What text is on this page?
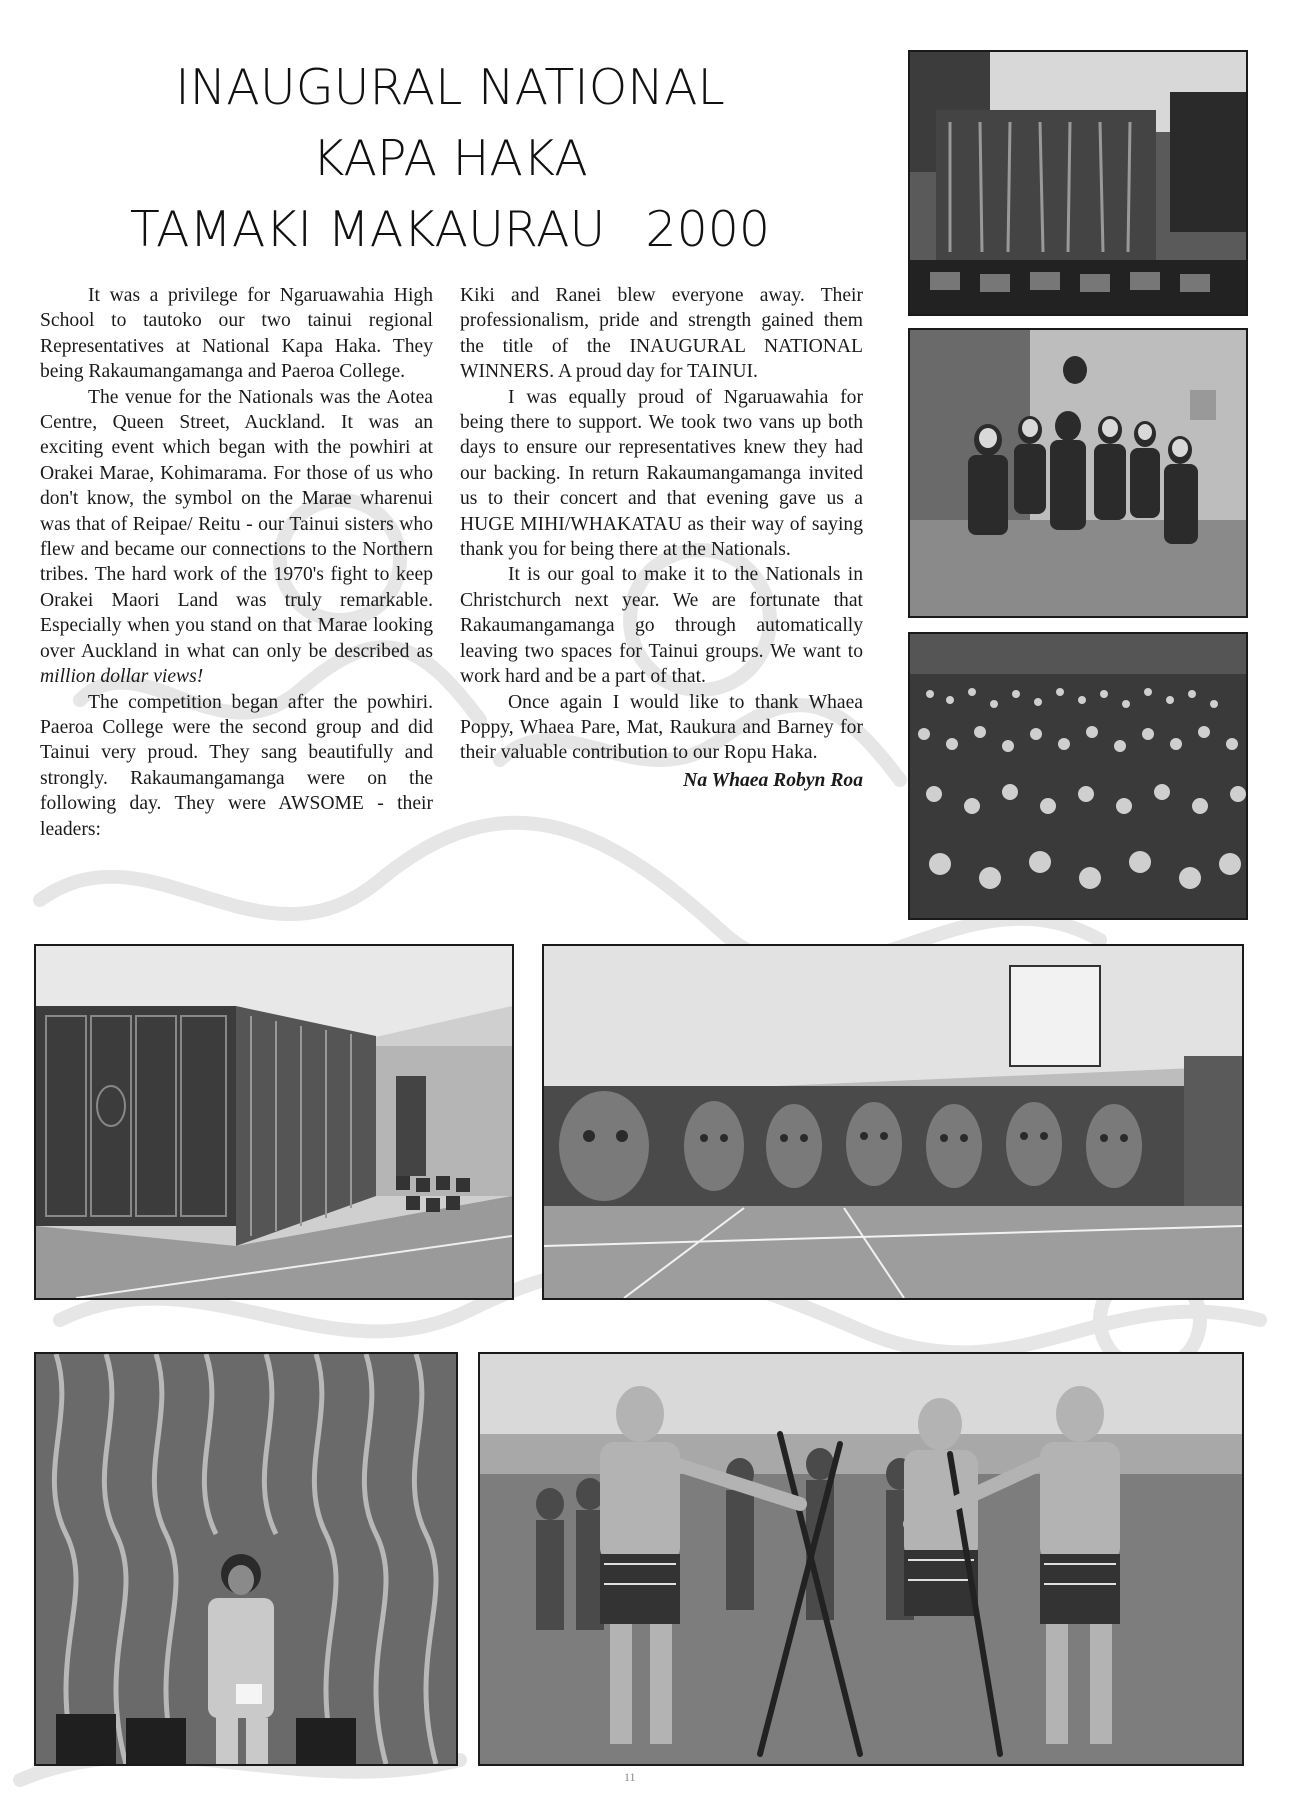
INAUGURAL NATIONAL
KAPA HAKA
TAMAKI MAKAURAU 2000

It was a privilege for Ngaruawahia High School to tautoko our two tainui regional Representatives at National Kapa Haka. They being Rakaumangamanga and Paeroa College.

The venue for the Nationals was the Aotea Centre, Queen Street, Auckland. It was an exciting event which began with the powhiri at Orakei Marae, Kohimarama. For those of us who don't know, the symbol on the Marae wharenui was that of Reipae/ Reitu - our Tainui sisters who flew and became our connections to the Northern tribes. The hard work of the 1970's fight to keep Orakei Maori Land was truly remarkable. Especially when you stand on that Marae looking over Auckland in what can only be described as million dollar views!

The competition began after the powhiri. Paeroa College were the second group and did Tainui very proud. They sang beautifully and strongly. Rakaumangamanga were on the following day. They were AWSOME - their leaders:

Kiki and Ranei blew everyone away. Their professionalism, pride and strength gained them the title of the INAUGURAL NATIONAL WINNERS. A proud day for TAINUI.

I was equally proud of Ngaruawahia for being there to support. We took two vans up both days to ensure our representatives knew they had our backing. In return Rakaumangamanga invited us to their concert and that evening gave us a HUGE MIHI/WHAKATAU as their way of saying thank you for being there at the Nationals.

It is our goal to make it to the Nationals in Christchurch next year. We are fortunate that Rakaumangamanga go through automatically leaving two spaces for Tainui groups. We want to work hard and be a part of that.

Once again I would like to thank Whaea Poppy, Whaea Pare, Mat, Raukura and Barney for their valuable contribution to our Ropu Haka.

Na Whaea Robyn Roa

11
